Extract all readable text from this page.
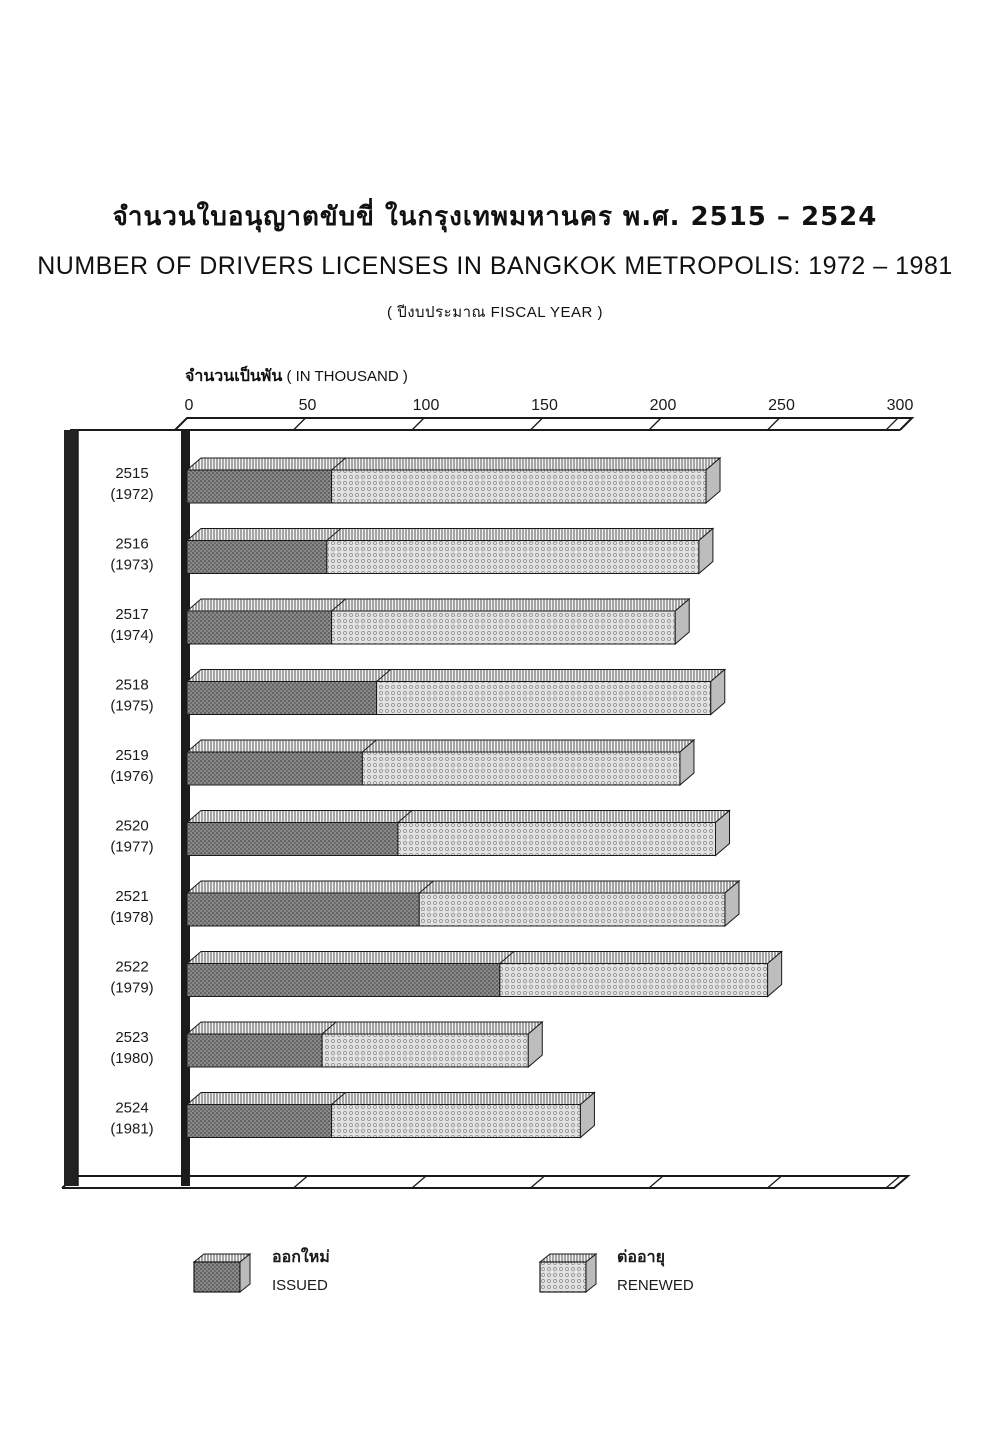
จำนวนใบอนุญาตขับขี่ ในกรุงเทพมหานคร พ.ศ. 2515 – 2524
NUMBER OF DRIVERS LICENSES IN BANGKOK METROPOLIS: 1972 – 1981
( ปีงบประมาณ FISCAL YEAR )
จำนวนเป็นพัน ( IN THOUSAND )
0	50	100	150	200	250	300
2515
(1972)
2516
(1973)
2517
(1974)
2518
(1975)
2519
(1976)
2520
(1977)
2521
(1978)
2522
(1979)
2523
(1980)
2524
(1981)
ออกใหม่
ISSUED
ต่ออายุ
RENEWED
